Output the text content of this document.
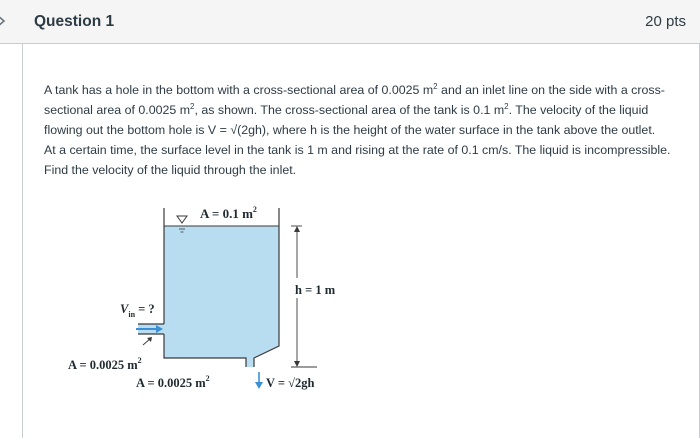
Question 1	20 pts
A tank has a hole in the bottom with a cross-sectional area of 0.0025 $m^2$ and an inlet line on the side with a cross-
sectional area of 0.0025 $m^2$, as shown. The cross-sectional area of the tank is 0.1 $m^2$. The velocity of the liquid
flowing out the bottom hole is V = √(2gh), where h is the height of the water surface in the tank above the outlet.
At a certain time, the surface level in the tank is 1 m and rising at the rate of 0.1 cm/s. The liquid is incompressible.
Find the velocity of the liquid through the inlet.
A = 0.1 $m^2$
h = 1 m
$V_{in}$ = ?
A = 0.0025 $m^2$
A = 0.0025 $m^2$	V = √2gh
